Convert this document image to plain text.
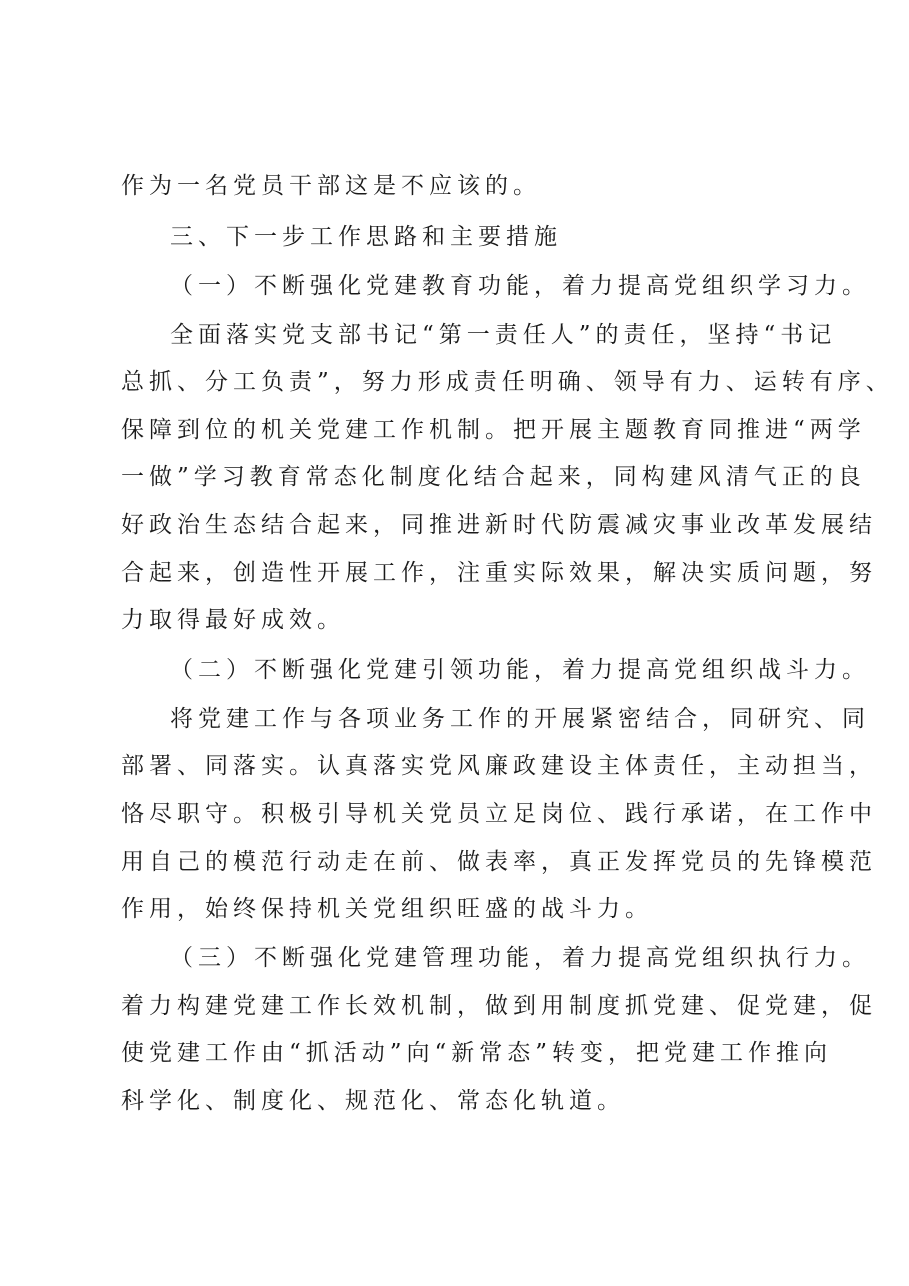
作为一名党员干部这是不应该的。
三、下一步工作思路和主要措施
（一）不断强化党建教育功能，着力提高党组织学习力。
全面落实党支部书记“第一责任人”的责任，坚持“书记
总抓、分工负责”，努力形成责任明确、领导有力、运转有序、
保障到位的机关党建工作机制。把开展主题教育同推进“两学
一做”学习教育常态化制度化结合起来，同构建风清气正的良
好政治生态结合起来，同推进新时代防震减灾事业改革发展结
合起来，创造性开展工作，注重实际效果，解决实质问题，努
力取得最好成效。
（二）不断强化党建引领功能，着力提高党组织战斗力。
将党建工作与各项业务工作的开展紧密结合，同研究、同
部署、同落实。认真落实党风廉政建设主体责任，主动担当，
恪尽职守。积极引导机关党员立足岗位、践行承诺，在工作中
用自己的模范行动走在前、做表率，真正发挥党员的先锋模范
作用，始终保持机关党组织旺盛的战斗力。
（三）不断强化党建管理功能，着力提高党组织执行力。
着力构建党建工作长效机制，做到用制度抓党建、促党建，促
使党建工作由“抓活动”向“新常态”转变，把党建工作推向
科学化、制度化、规范化、常态化轨道。
